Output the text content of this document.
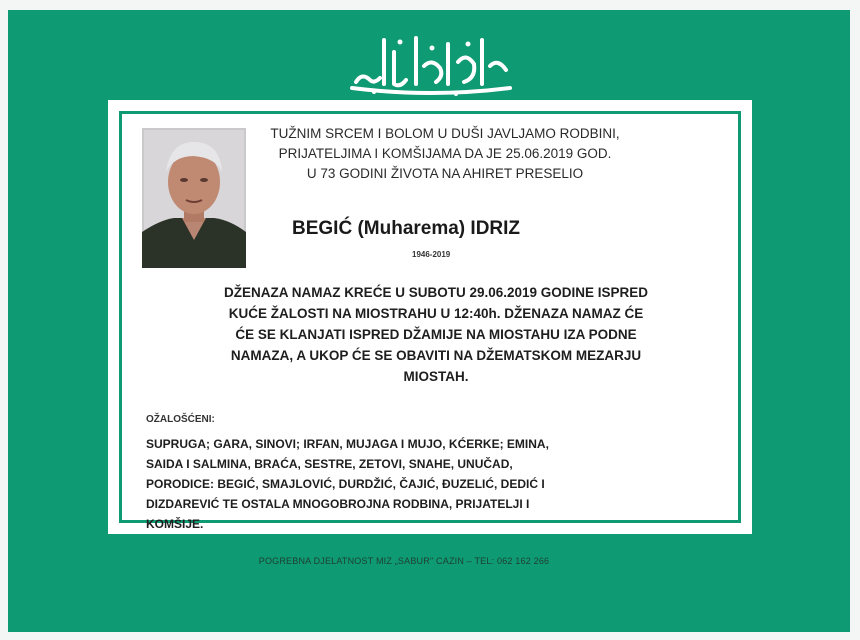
TUŽNIM SRCEM I BOLOM U DUŠI JAVLJAMO RODBINI,
PRIJATELJIMA I KOMŠIJAMA DA JE 25.06.2019 GOD.
U 73 GODINI ŽIVOTA NA AHIRET PRESELIO
BEGIĆ (Muharema) IDRIZ
1946-2019
DŽENAZA NAMAZ KREĆE U SUBOTU 29.06.2019 GODINE ISPRED
KUĆE ŽALOSTI NA MIOSTRAHU U 12:40h. DŽENAZA NAMAZ ĆE
ĆE SE KLANJATI ISPRED DŽAMIJE NA MIOSTAHU IZA PODNE
NAMAZA, A UKOP ĆE SE OBAVITI NA DŽEMATSKOM MEZARJU
MIOSTAH.
OŽALOŠĆENI:
SUPRUGA; GARA, SINOVI; IRFAN, MUJAGA I MUJO, KĆERKE; EMINA,
SAIDA I SALMINA, BRAĆA, SESTRE, ZETOVI, SNAHE, UNUČAD,
PORODICE: BEGIĆ, SMAJLOVIĆ, DURDŽIĆ, ČAJIĆ, ĐUZELIĆ, DEDIĆ I
DIZDAREVIĆ TE OSTALA MNOGOBROJNA RODBINA, PRIJATELJI I
KOMŠIJE.
POGREBNA DJELATNOST MIZ „SABUR" CAZIN – TEL: 062 162 266
